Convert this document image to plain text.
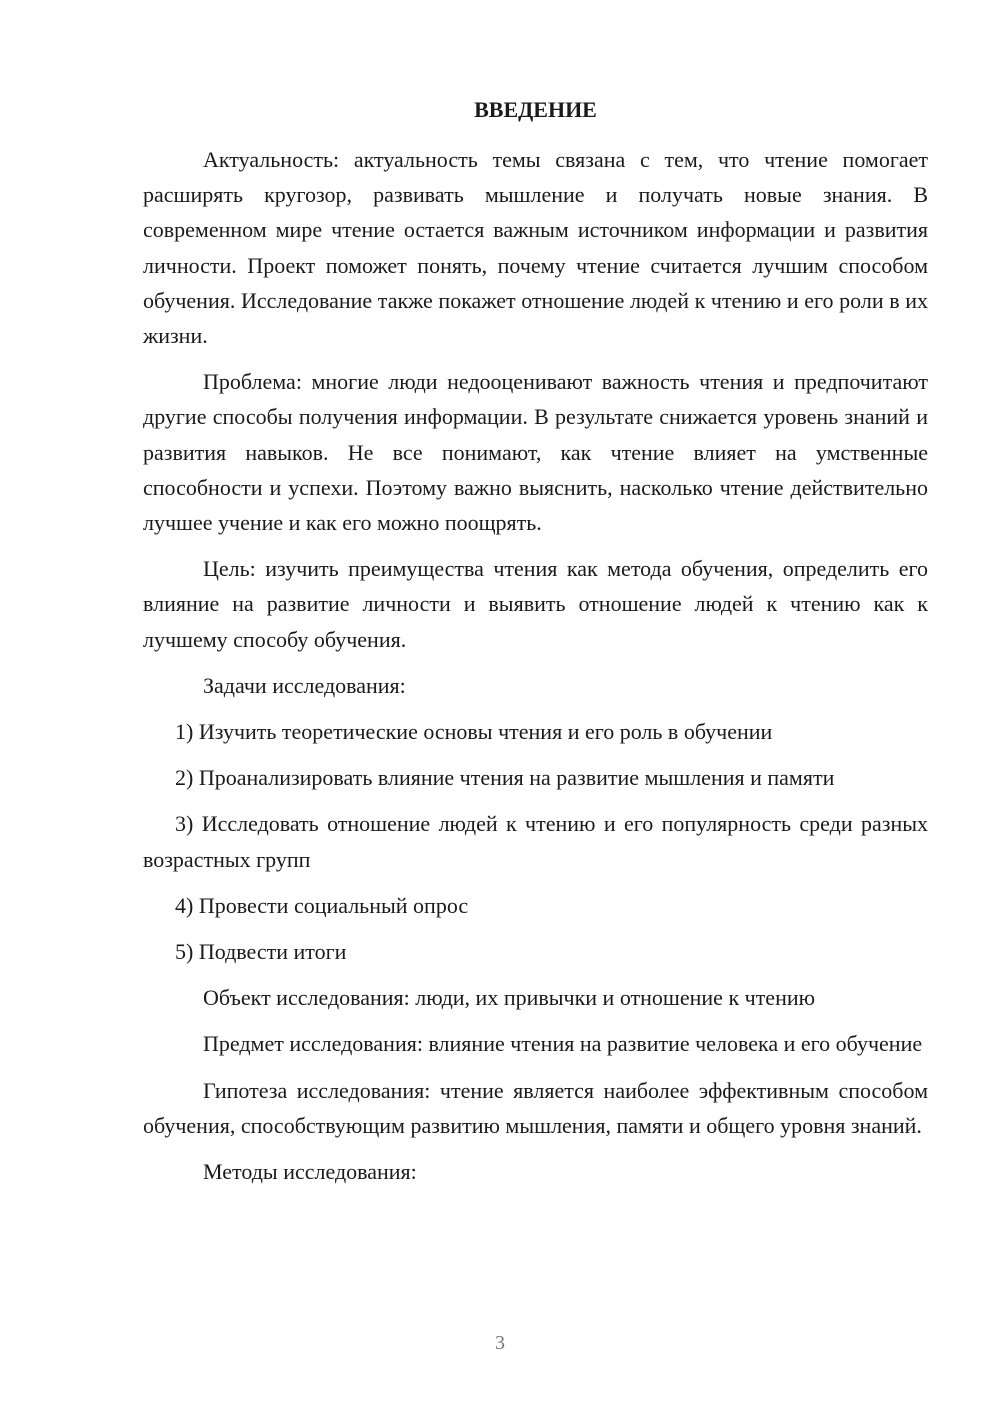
ВВЕДЕНИЕ

Актуальность: актуальность темы связана с тем, что чтение помогает расширять кругозор, развивать мышление и получать новые знания. В современном мире чтение остается важным источником информации и развития личности. Проект поможет понять, почему чтение считается лучшим способом обучения. Исследование также покажет отношение людей к чтению и его роли в их жизни.

Проблема: многие люди недооценивают важность чтения и предпочитают другие способы получения информации. В результате снижается уровень знаний и развития навыков. Не все понимают, как чтение влияет на умственные способности и успехи. Поэтому важно выяснить, насколько чтение действительно лучшее учение и как его можно поощрять.

Цель: изучить преимущества чтения как метода обучения, определить его влияние на развитие личности и выявить отношение людей к чтению как к лучшему способу обучения.

Задачи исследования:

1) Изучить теоретические основы чтения и его роль в обучении

2) Проанализировать влияние чтения на развитие мышления и памяти

3) Исследовать отношение людей к чтению и его популярность среди разных возрастных групп

4) Провести социальный опрос

5) Подвести итоги

Объект исследования: люди, их привычки и отношение к чтению

Предмет исследования: влияние чтения на развитие человека и его обучение

Гипотеза исследования: чтение является наиболее эффективным способом обучения, способствующим развитию мышления, памяти и общего уровня знаний.

Методы исследования:

3
